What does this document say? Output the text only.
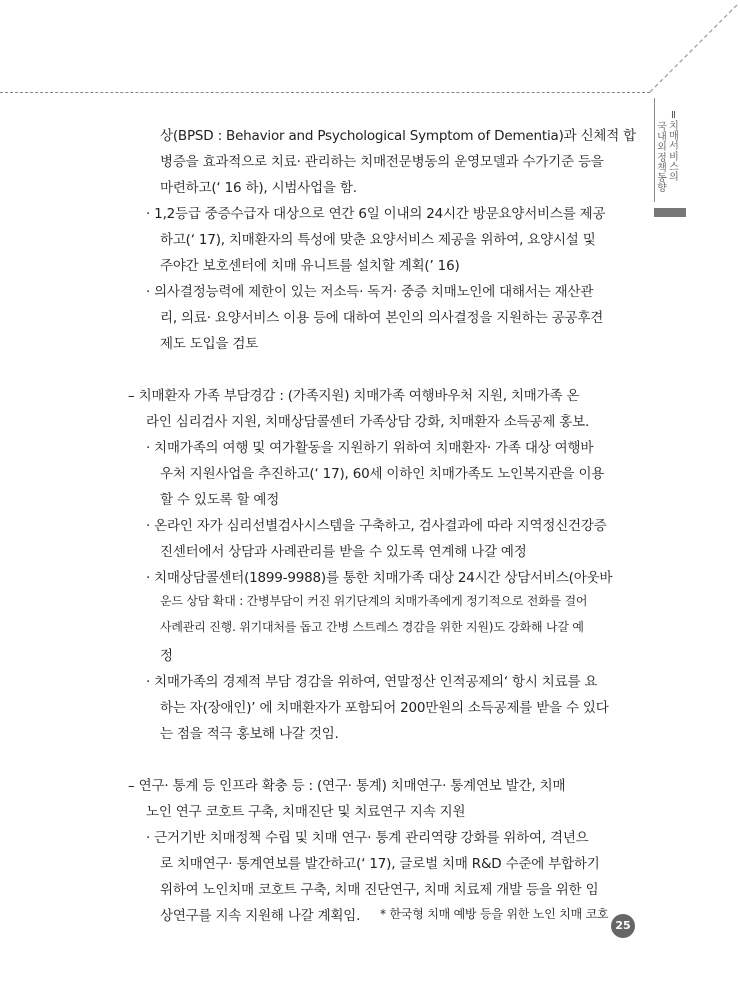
Ⅱ
치매서비스의
국내외정책동향
상(BPSD : Behavior and Psychological Symptom of Dementia)과 신체적 합
병증을 효과적으로 치료· 관리하는 치매전문병동의 운영모델과 수가기준 등을
마련하고(‘ 16 하), 시범사업을 함.
· 1,2등급 중증수급자 대상으로 연간 6일 이내의 24시간 방문요양서비스를 제공
하고(‘ 17), 치매환자의 특성에 맞춘 요양서비스 제공을 위하여, 요양시설 및
주야간 보호센터에 치매 유니트를 설치할 계획(’ 16)
· 의사결정능력에 제한이 있는 저소득· 독거· 중증 치매노인에 대해서는 재산관
리, 의료· 요양서비스 이용 등에 대하여 본인의 의사결정을 지원하는 공공후견
제도 도입을 검토
– 치매환자 가족 부담경감 : (가족지원) 치매가족 여행바우처 지원, 치매가족 온
라인 심리검사 지원, 치매상담콜센터 가족상담 강화, 치매환자 소득공제 홍보.
· 치매가족의 여행 및 여가활동을 지원하기 위하여 치매환자· 가족 대상 여행바
우처 지원사업을 추진하고(‘ 17), 60세 이하인 치매가족도 노인복지관을 이용
할 수 있도록 할 예정
· 온라인 자가 심리선별검사시스템을 구축하고, 검사결과에 따라 지역정신건강증
진센터에서 상담과 사례관리를 받을 수 있도록 연계해 나갈 예정
· 치매상담콜센터(1899-9988)를 통한 치매가족 대상 24시간 상담서비스(아웃바
운드 상담 확대 : 간병부담이 커진 위기단계의 치매가족에게 정기적으로 전화를 걸어
사례관리 진행. 위기대처를 돕고 간병 스트레스 경감을 위한 지원)도 강화해 나갈 예
정
· 치매가족의 경제적 부담 경감을 위하여, 연말정산 인적공제의‘ 항시 치료를 요
하는 자(장애인)’ 에 치매환자가 포함되어 200만원의 소득공제를 받을 수 있다
는 점을 적극 홍보해 나갈 것임.
– 연구· 통계 등 인프라 확충 등 : (연구· 통계) 치매연구· 통계연보 발간, 치매
노인 연구 코호트 구축, 치매진단 및 치료연구 지속 지원
· 근거기반 치매정책 수립 및 치매 연구· 통계 관리역량 강화를 위하여, 격년으
로 치매연구· 통계연보를 발간하고(‘ 17), 글로벌 치매 R&D 수준에 부합하기
위하여 노인치매 코호트 구축, 치매 진단연구, 치매 치료제 개발 등을 위한 임
상연구를 지속 지원해 나갈 계획임. * 한국형 치매 예방 등을 위한 노인 치매 코호
25
